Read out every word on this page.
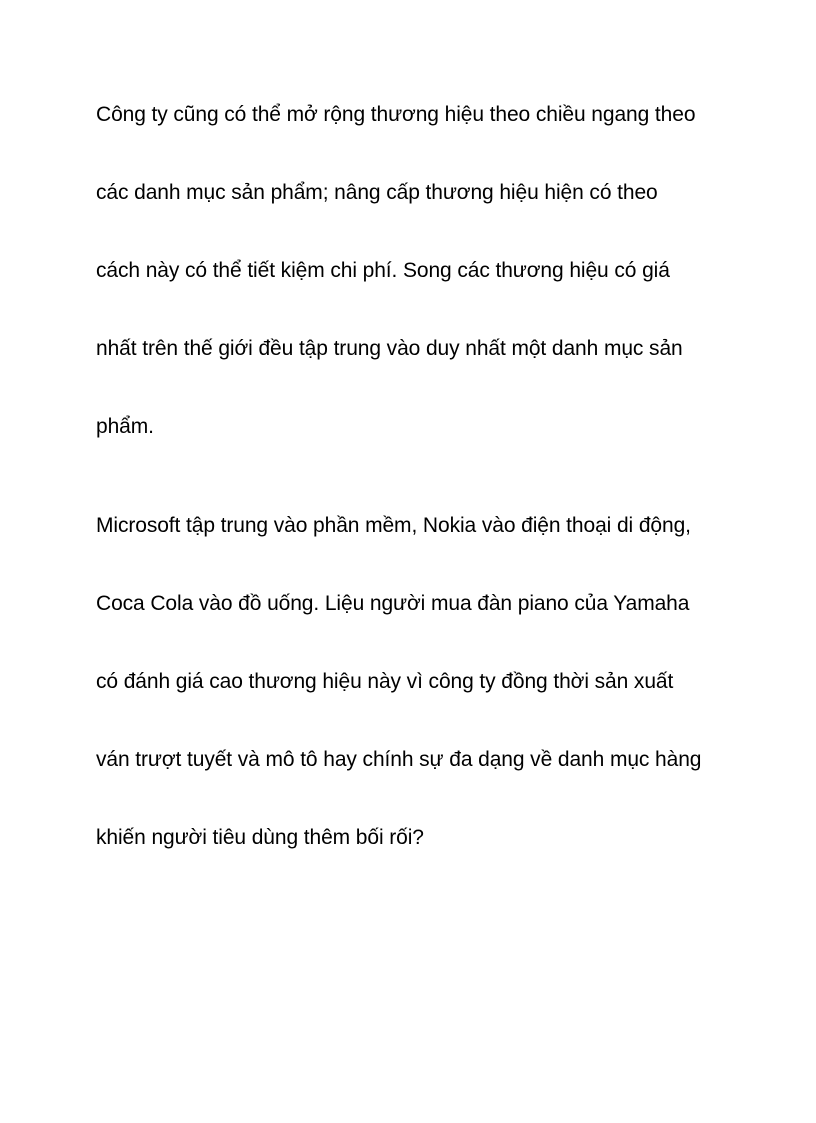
Công ty cũng có thể mở rộng thương hiệu theo chiều ngang theo

các danh mục sản phẩm; nâng cấp thương hiệu hiện có theo

cách này có thể tiết kiệm chi phí. Song các thương hiệu có giá

nhất trên thế giới đều tập trung vào duy nhất một danh mục sản

phẩm.

Microsoft tập trung vào phần mềm, Nokia vào điện thoại di động,

Coca Cola vào đồ uống. Liệu người mua đàn piano của Yamaha

có đánh giá cao thương hiệu này vì công ty đồng thời sản xuất

ván trượt tuyết và mô tô hay chính sự đa dạng về danh mục hàng

khiến người tiêu dùng thêm bối rối?
